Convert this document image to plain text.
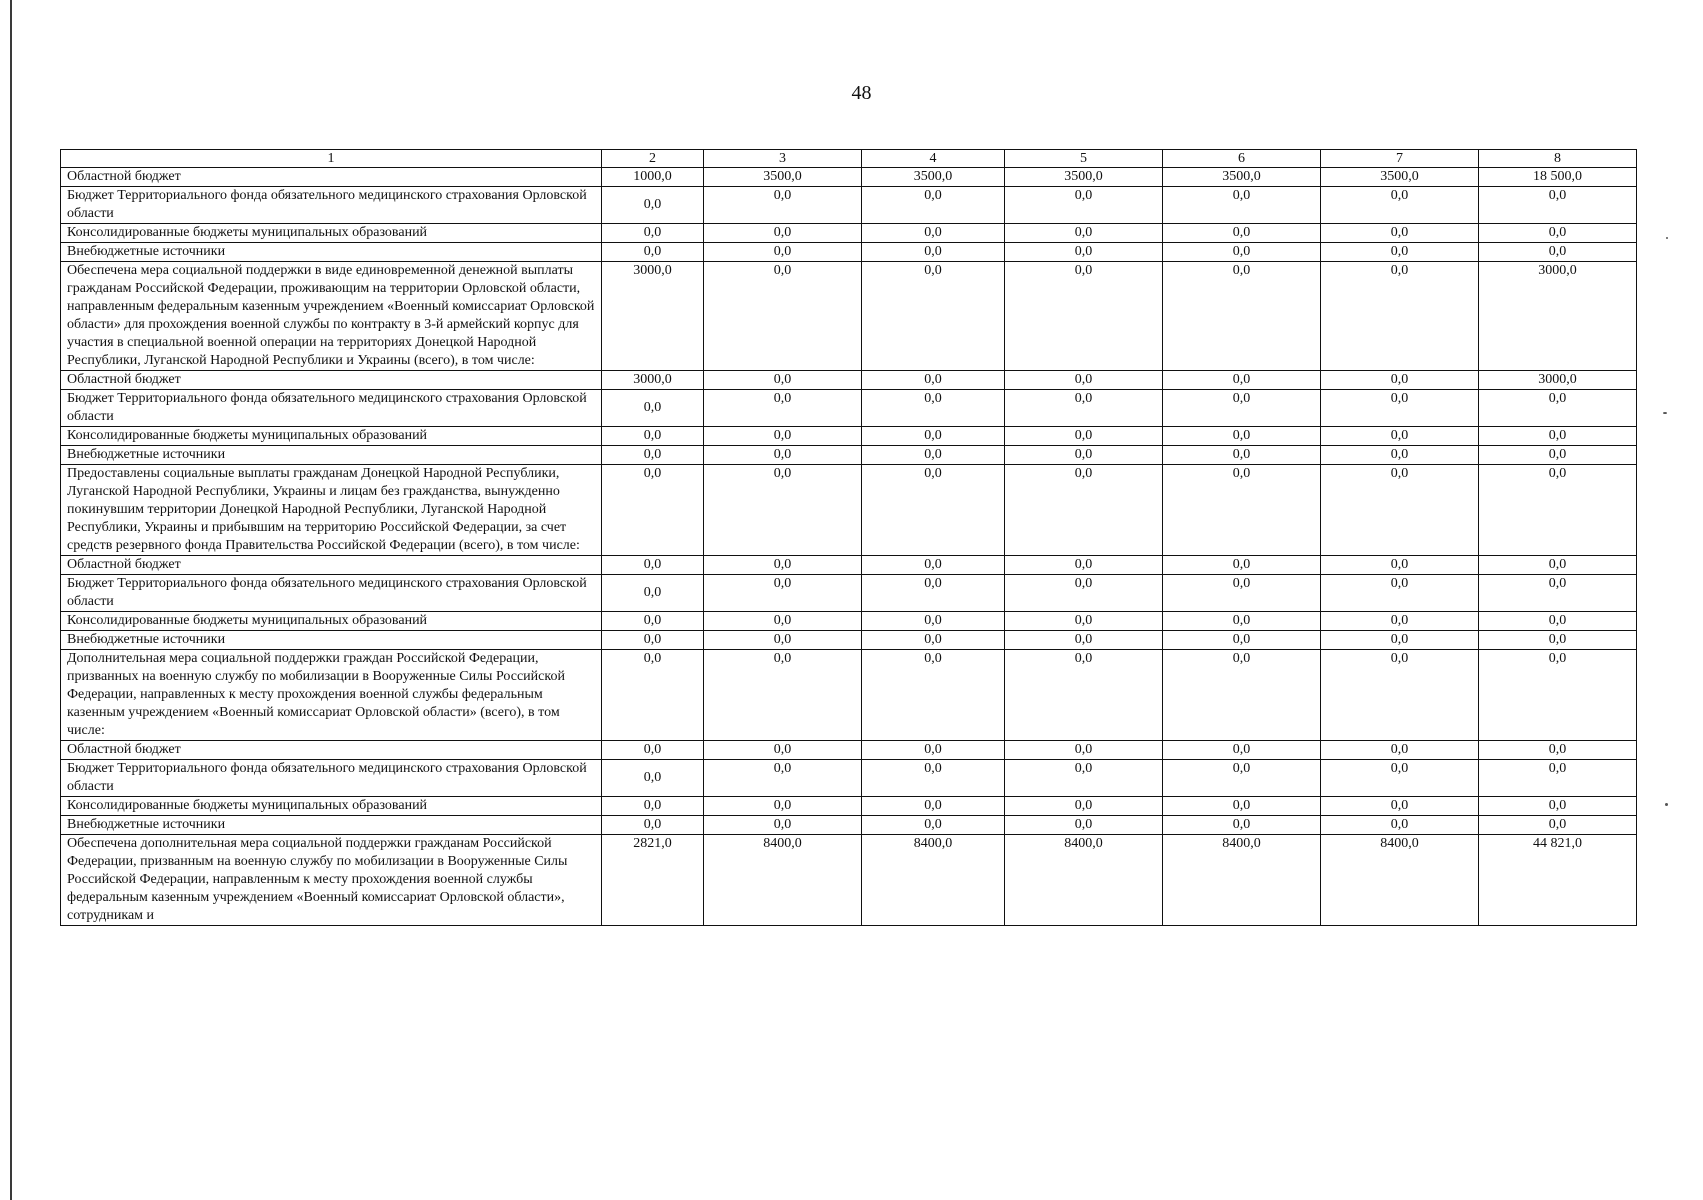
48
1	2	3	4	5	6	7	8
Областной бюджет	1000,0	3500,0	3500,0	3500,0	3500,0	3500,0	18 500,0
Бюджет Территориального фонда обязательного медицинского страхования Орловской области	0,0	0,0	0,0	0,0	0,0	0,0	0,0
Консолидированные бюджеты муниципальных образований	0,0	0,0	0,0	0,0	0,0	0,0	0,0
Внебюджетные источники	0,0	0,0	0,0	0,0	0,0	0,0	0,0
Обеспечена мера социальной поддержки в виде единовременной денежной выплаты гражданам Российской Федерации, проживающим на территории Орловской области, направленным федеральным казенным учреждением «Военный комиссариат Орловской области» для прохождения военной службы по контракту в 3-й армейский корпус для участия в специальной военной операции на территориях Донецкой Народной Республики, Луганской Народной Республики и Украины (всего), в том числе:	3000,0	0,0	0,0	0,0	0,0	0,0	3000,0
Областной бюджет	3000,0	0,0	0,0	0,0	0,0	0,0	3000,0
Бюджет Территориального фонда обязательного медицинского страхования Орловской области	0,0	0,0	0,0	0,0	0,0	0,0	0,0
Консолидированные бюджеты муниципальных образований	0,0	0,0	0,0	0,0	0,0	0,0	0,0
Внебюджетные источники	0,0	0,0	0,0	0,0	0,0	0,0	0,0
Предоставлены социальные выплаты гражданам Донецкой Народной Республики, Луганской Народной Республики, Украины и лицам без гражданства, вынужденно покинувшим территории Донецкой Народной Республики, Луганской Народной Республики, Украины и прибывшим на территорию Российской Федерации, за счет средств резервного фонда Правительства Российской Федерации (всего), в том числе:	0,0	0,0	0,0	0,0	0,0	0,0	0,0
Областной бюджет	0,0	0,0	0,0	0,0	0,0	0,0	0,0
Бюджет Территориального фонда обязательного медицинского страхования Орловской области	0,0	0,0	0,0	0,0	0,0	0,0	0,0
Консолидированные бюджеты муниципальных образований	0,0	0,0	0,0	0,0	0,0	0,0	0,0
Внебюджетные источники	0,0	0,0	0,0	0,0	0,0	0,0	0,0
Дополнительная мера социальной поддержки граждан Российской Федерации, призванных на военную службу по мобилизации в Вооруженные Силы Российской Федерации, направленных к месту прохождения военной службы федеральным казенным учреждением «Военный комиссариат Орловской области» (всего), в том числе:	0,0	0,0	0,0	0,0	0,0	0,0	0,0
Областной бюджет	0,0	0,0	0,0	0,0	0,0	0,0	0,0
Бюджет Территориального фонда обязательного медицинского страхования Орловской области	0,0	0,0	0,0	0,0	0,0	0,0	0,0
Консолидированные бюджеты муниципальных образований	0,0	0,0	0,0	0,0	0,0	0,0	0,0
Внебюджетные источники	0,0	0,0	0,0	0,0	0,0	0,0	0,0
Обеспечена дополнительная мера социальной поддержки гражданам Российской Федерации, призванным на военную службу по мобилизации в Вооруженные Силы Российской Федерации, направленным к месту прохождения военной службы федеральным казенным учреждением «Военный комиссариат Орловской области», сотрудникам и	2821,0	8400,0	8400,0	8400,0	8400,0	8400,0	44 821,0
